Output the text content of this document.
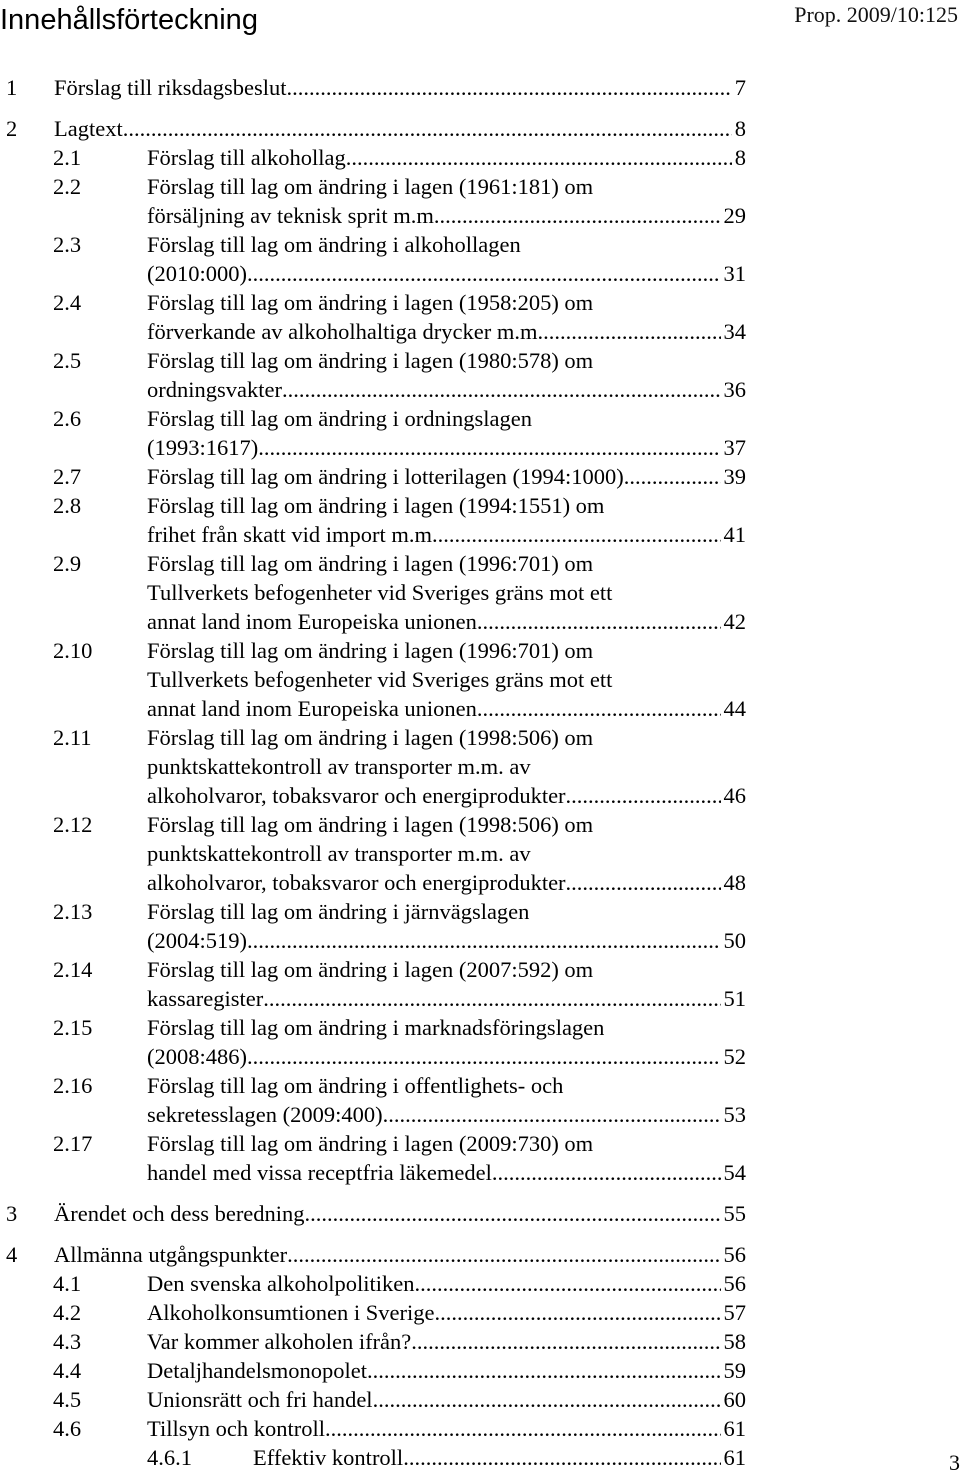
Innehållsförteckning	Prop. 2009/10:125
1 Förslag till riksdagsbeslut .....	7
2 Lagtext .....	8
2.1	Förslag till alkohollag .....	8
2.2	Förslag till lag om ändring i lagen (1961:181) om
försäljning av teknisk sprit m.m. .....	29
2.3	Förslag till lag om ändring i alkohollagen
(2010:000) .....	31
2.4	Förslag till lag om ändring i lagen (1958:205) om
förverkande av alkoholhaltiga drycker m.m. .....	34
2.5	Förslag till lag om ändring i lagen (1980:578) om
ordningsvakter .....	36
2.6	Förslag till lag om ändring i ordningslagen
(1993:1617) .....	37
2.7	Förslag till lag om ändring i lotterilagen (1994:1000) .....	39
2.8	Förslag till lag om ändring i lagen (1994:1551) om
frihet från skatt vid import m.m. .....	41
2.9	Förslag till lag om ändring i lagen (1996:701) om
Tullverkets befogenheter vid Sveriges gräns mot ett
annat land inom Europeiska unionen .....	42
2.10 Förslag till lag om ändring i lagen (1996:701) om
Tullverkets befogenheter vid Sveriges gräns mot ett
annat land inom Europeiska unionen .....	44
2.11 Förslag till lag om ändring i lagen (1998:506) om
punktskattekontroll av transporter m.m. av
alkoholvaror, tobaksvaror och energiprodukter .....	46
2.12 Förslag till lag om ändring i lagen (1998:506) om
punktskattekontroll av transporter m.m. av
alkoholvaror, tobaksvaror och energiprodukter .....	48
2.13 Förslag till lag om ändring i järnvägslagen
(2004:519) .....	50
2.14 Förslag till lag om ändring i lagen (2007:592) om
kassaregister .....	51
2.15 Förslag till lag om ändring i marknadsföringslagen
(2008:486) .....	52
2.16 Förslag till lag om ändring i offentlighets- och
sekretesslagen (2009:400) .....	53
2.17 Förslag till lag om ändring i lagen (2009:730) om
handel med vissa receptfria läkemedel .....	54
3 Ärendet och dess beredning .....	55
4 Allmänna utgångspunkter .....	56
4.1	Den svenska alkoholpolitiken .....	56
4.2	Alkoholkonsumtionen i Sverige .....	57
4.3	Var kommer alkoholen ifrån? .....	58
4.4	Detaljhandelsmonopolet .....	59
4.5	Unionsrätt och fri handel .....	60
4.6	Tillsyn och kontroll .....	61
4.6.1	Effektiv kontroll .....	61	3
